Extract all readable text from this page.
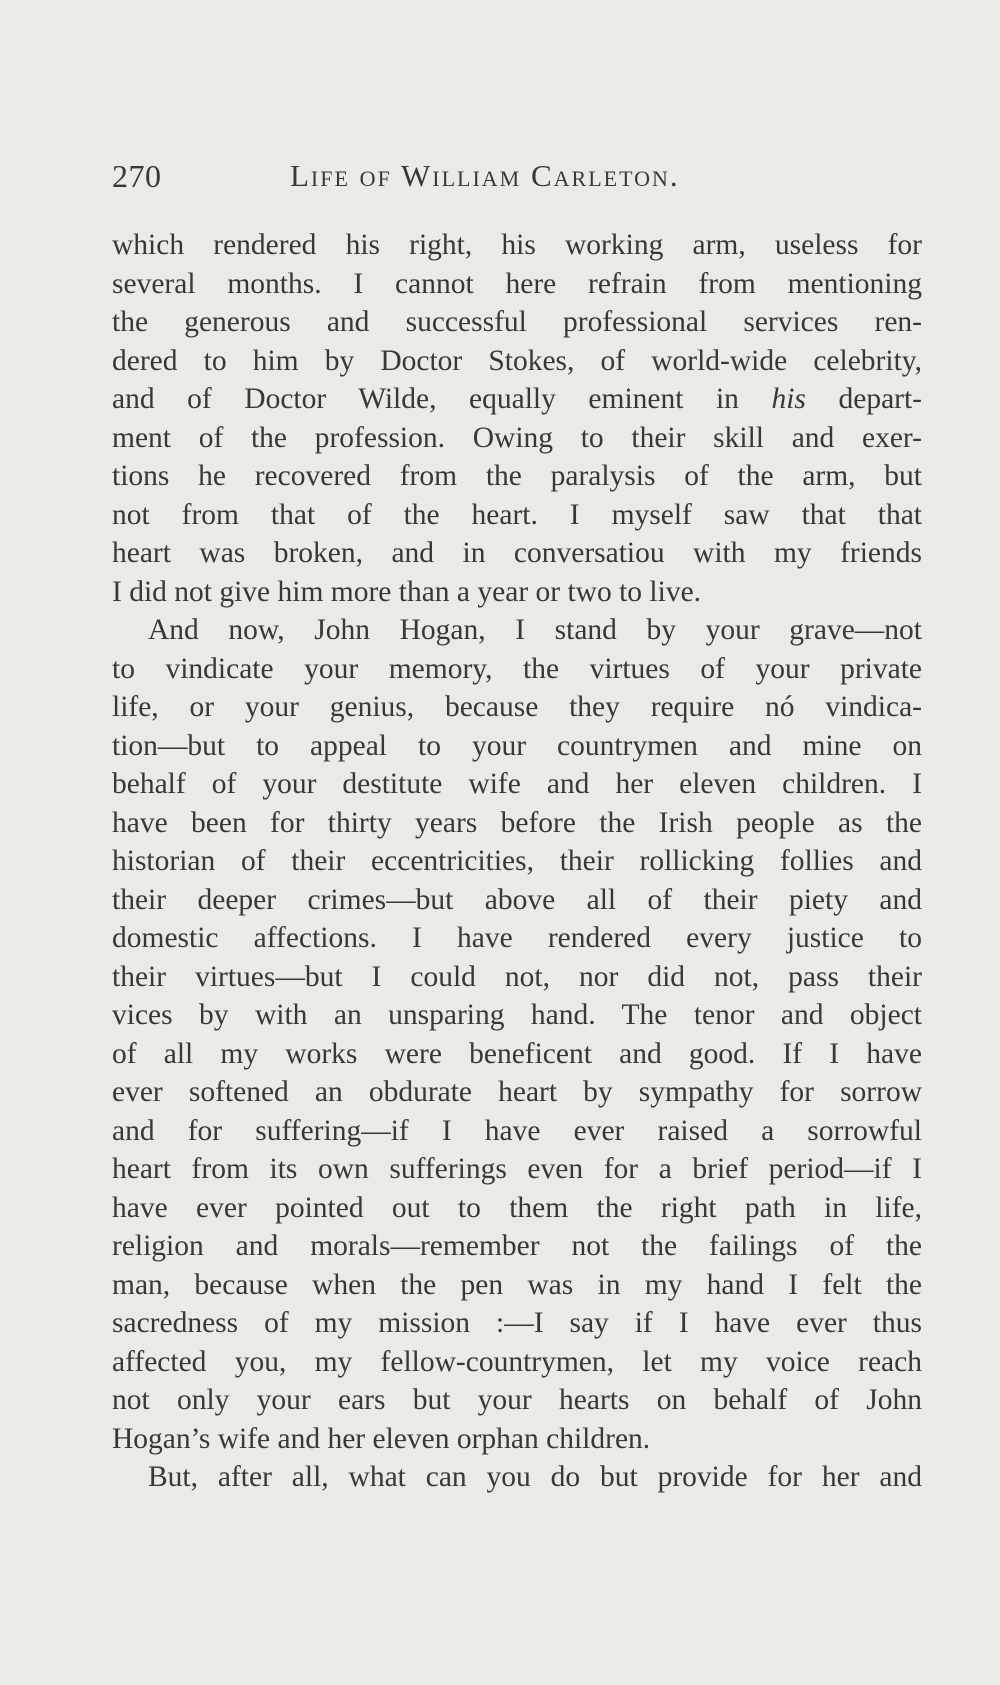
270	Life of William Carleton.
which rendered his right, his working arm, useless for
several months. I cannot here refrain from mentioning
the generous and successful professional services ren-
dered to him by Doctor Stokes, of world-wide celebrity,
and of Doctor Wilde, equally eminent in his depart-
ment of the profession. Owing to their skill and exer-
tions he recovered from the paralysis of the arm, but
not from that of the heart. I myself saw that that
heart was broken, and in conversatiou with my friends
I did not give him more than a year or two to live.
And now, John Hogan, I stand by your grave—not
to vindicate your memory, the virtues of your private
life, or your genius, because they require nó vindica-
tion—but to appeal to your countrymen and mine on
behalf of your destitute wife and her eleven children. I
have been for thirty years before the Irish people as the
historian of their eccentricities, their rollicking follies and
their deeper crimes—but above all of their piety and
domestic affections. I have rendered every justice to
their virtues—but I could not, nor did not, pass their
vices by with an unsparing hand. The tenor and object
of all my works were beneficent and good. If I have
ever softened an obdurate heart by sympathy for sorrow
and for suffering—if I have ever raised a sorrowful
heart from its own sufferings even for a brief period—if I
have ever pointed out to them the right path in life,
religion and morals—remember not the failings of the
man, because when the pen was in my hand I felt the
sacredness of my mission :—I say if I have ever thus
affected you, my fellow-countrymen, let my voice reach
not only your ears but your hearts on behalf of John
Hogan’s wife and her eleven orphan children.
But, after all, what can you do but provide for her and
